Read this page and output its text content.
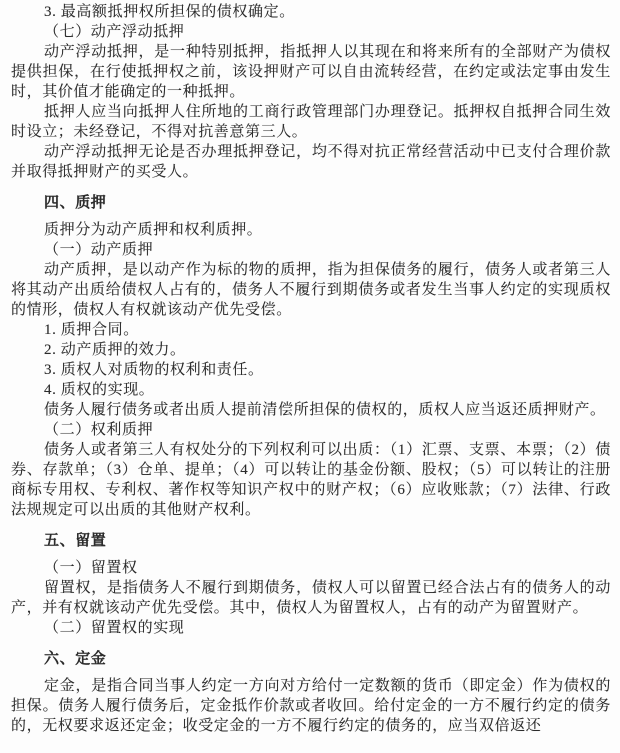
3. 最高额抵押权所担保的债权确定。

（七）动产浮动抵押

动产浮动抵押，是一种特别抵押，指抵押人以其现在和将来所有的全部财产为债权提供担保，在行使抵押权之前，该设押财产可以自由流转经营，在约定或法定事由发生时，其价值才能确定的一种抵押。

抵押人应当向抵押人住所地的工商行政管理部门办理登记。抵押权自抵押合同生效时设立；未经登记，不得对抗善意第三人。

动产浮动抵押无论是否办理抵押登记，均不得对抗正常经营活动中已支付合理价款并取得抵押财产的买受人。

四、质押

质押分为动产质押和权利质押。

（一）动产质押

动产质押，是以动产作为标的物的质押，指为担保债务的履行，债务人或者第三人将其动产出质给债权人占有的，债务人不履行到期债务或者发生当事人约定的实现质权的情形，债权人有权就该动产优先受偿。

1. 质押合同。

2. 动产质押的效力。

3. 质权人对质物的权利和责任。

4. 质权的实现。

债务人履行债务或者出质人提前清偿所担保的债权的，质权人应当返还质押财产。

（二）权利质押

债务人或者第三人有权处分的下列权利可以出质：（1）汇票、支票、本票；（2）债券、存款单；（3）仓单、提单；（4）可以转让的基金份额、股权；（5）可以转让的注册商标专用权、专利权、著作权等知识产权中的财产权；（6）应收账款；（7）法律、行政法规规定可以出质的其他财产权利。

五、留置

（一）留置权

留置权，是指债务人不履行到期债务，债权人可以留置已经合法占有的债务人的动产，并有权就该动产优先受偿。其中，债权人为留置权人，占有的动产为留置财产。

（二）留置权的实现

六、定金

定金，是指合同当事人约定一方向对方给付一定数额的货币（即定金）作为债权的担保。债务人履行债务后，定金抵作价款或者收回。给付定金的一方不履行约定的债务的，无权要求返还定金；收受定金的一方不履行约定的债务的，应当双倍返还
